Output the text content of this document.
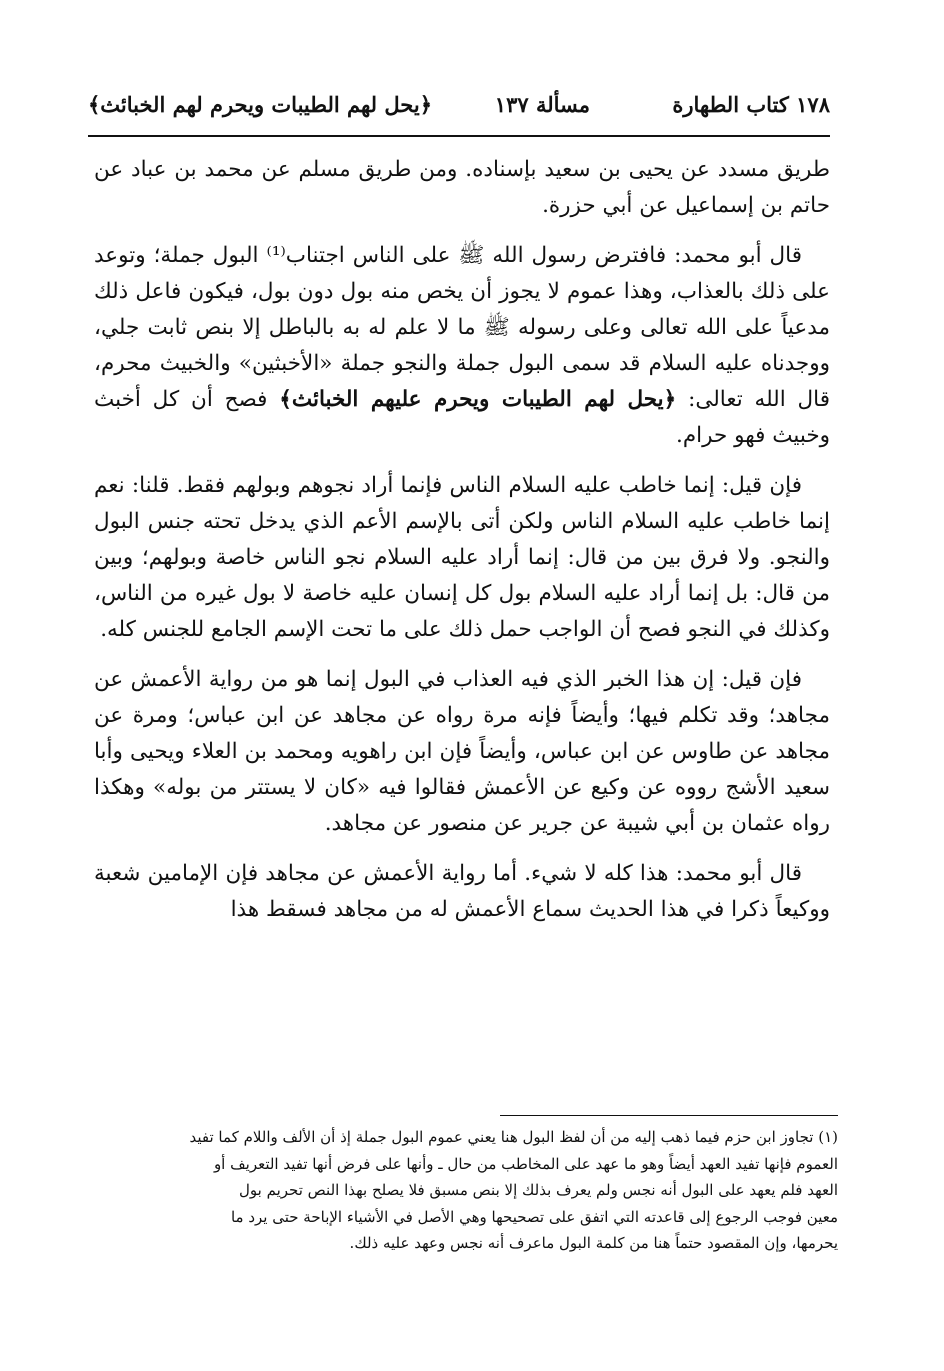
١٧٨ كتاب الطهارة
مسألة ١٣٧
﴿يحل لهم الطيبات ويحرم لهم الخبائث﴾

طريق مسدد عن يحيى بن سعيد بإسناده. ومن طريق مسلم عن محمد بن عباد عن حاتم بن إسماعيل عن أبي حزرة.

قال أبو محمد: فافترض رسول الله ﷺ على الناس اجتناب⁽¹⁾ البول جملة؛ وتوعد على ذلك بالعذاب، وهذا عموم لا يجوز أن يخص منه بول دون بول، فيكون فاعل ذلك مدعياً على الله تعالى وعلى رسوله ﷺ ما لا علم له به بالباطل إلا بنص ثابت جلي، ووجدناه عليه السلام قد سمى البول جملة والنجو جملة «الأخبثين» والخبيث محرم، قال الله تعالى: ﴿يحل لهم الطيبات ويحرم عليهم الخبائث﴾ فصح أن كل أخبث وخبيث فهو حرام.

فإن قيل: إنما خاطب عليه السلام الناس فإنما أراد نجوهم وبولهم فقط. قلنا: نعم إنما خاطب عليه السلام الناس ولكن أتى بالإسم الأعم الذي يدخل تحته جنس البول والنجو. ولا فرق بين من قال: إنما أراد عليه السلام نجو الناس خاصة وبولهم؛ وبين من قال: بل إنما أراد عليه السلام بول كل إنسان عليه خاصة لا بول غيره من الناس، وكذلك في النجو فصح أن الواجب حمل ذلك على ما تحت الإسم الجامع للجنس كله.

فإن قيل: إن هذا الخبر الذي فيه العذاب في البول إنما هو من رواية الأعمش عن مجاهد؛ وقد تكلم فيها؛ وأيضاً فإنه مرة رواه عن مجاهد عن ابن عباس؛ ومرة عن مجاهد عن طاوس عن ابن عباس، وأيضاً فإن ابن راهويه ومحمد بن العلاء ويحيى وأبا سعيد الأشج رووه عن وكيع عن الأعمش فقالوا فيه «كان لا يستتر من بوله» وهكذا رواه عثمان بن أبي شيبة عن جرير عن منصور عن مجاهد.

قال أبو محمد: هذا كله لا شيء. أما رواية الأعمش عن مجاهد فإن الإمامين شعبة ووكيعاً ذكرا في هذا الحديث سماع الأعمش له من مجاهد فسقط هذا

(١) تجاوز ابن حزم فيما ذهب إليه من أن لفظ البول هنا يعني عموم البول جملة إذ أن الألف واللام كما تفيد

العموم فإنها تفيد العهد أيضاً وهو ما عهد على المخاطب من حال ـ وأنها على فرض أنها تفيد التعريف أو

العهد فلم يعهد على البول أنه نجس ولم يعرف بذلك إلا بنص مسبق فلا يصلح بهذا النص تحريم بول

معين فوجب الرجوع إلى قاعدته التي اتفق على تصحيحها وهي الأصل في الأشياء الإباحة حتى يرد ما

يحرمها، وإن المقصود حتماً هنا من كلمة البول ماعرف أنه نجس وعهد عليه ذلك.
